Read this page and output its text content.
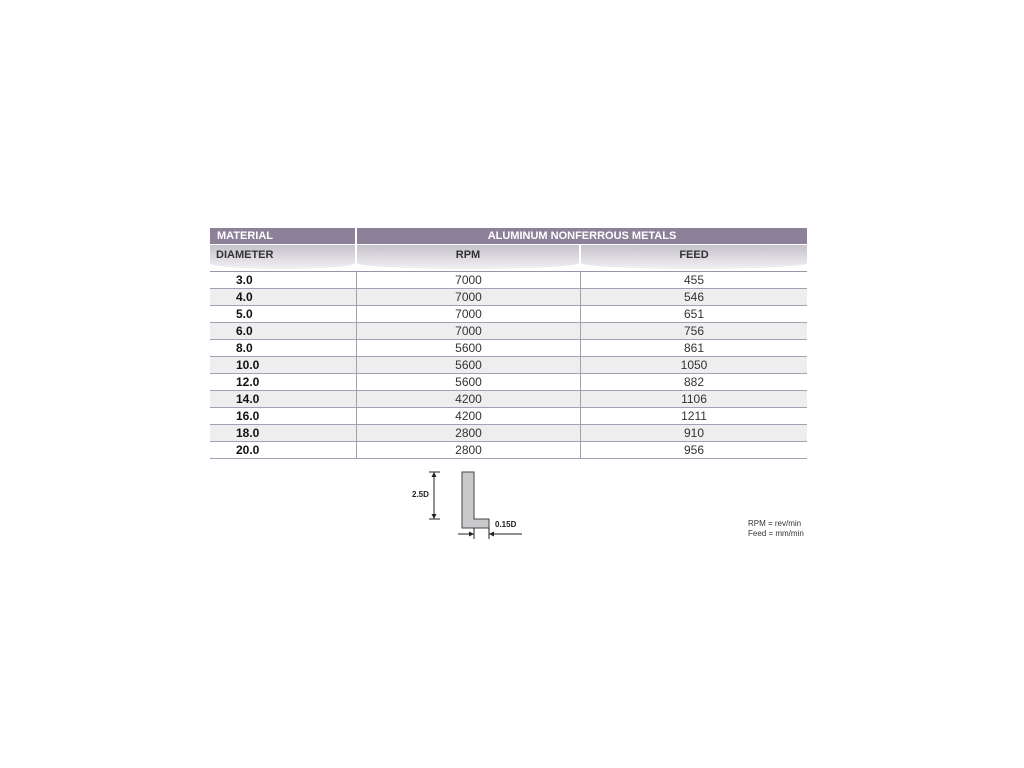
MATERIAL	ALUMINUM NONFERROUS METALS
DIAMETER	RPM	FEED
3.0	7000	455
4.0	7000	546
5.0	7000	651
6.0	7000	756
8.0	5600	861
10.0	5600	1050
12.0	5600	882
14.0	4200	1106
16.0	4200	1211
18.0	2800	910
20.0	2800	956
2.5D
0.15D	RPM = rev/min
Feed = mm/min
